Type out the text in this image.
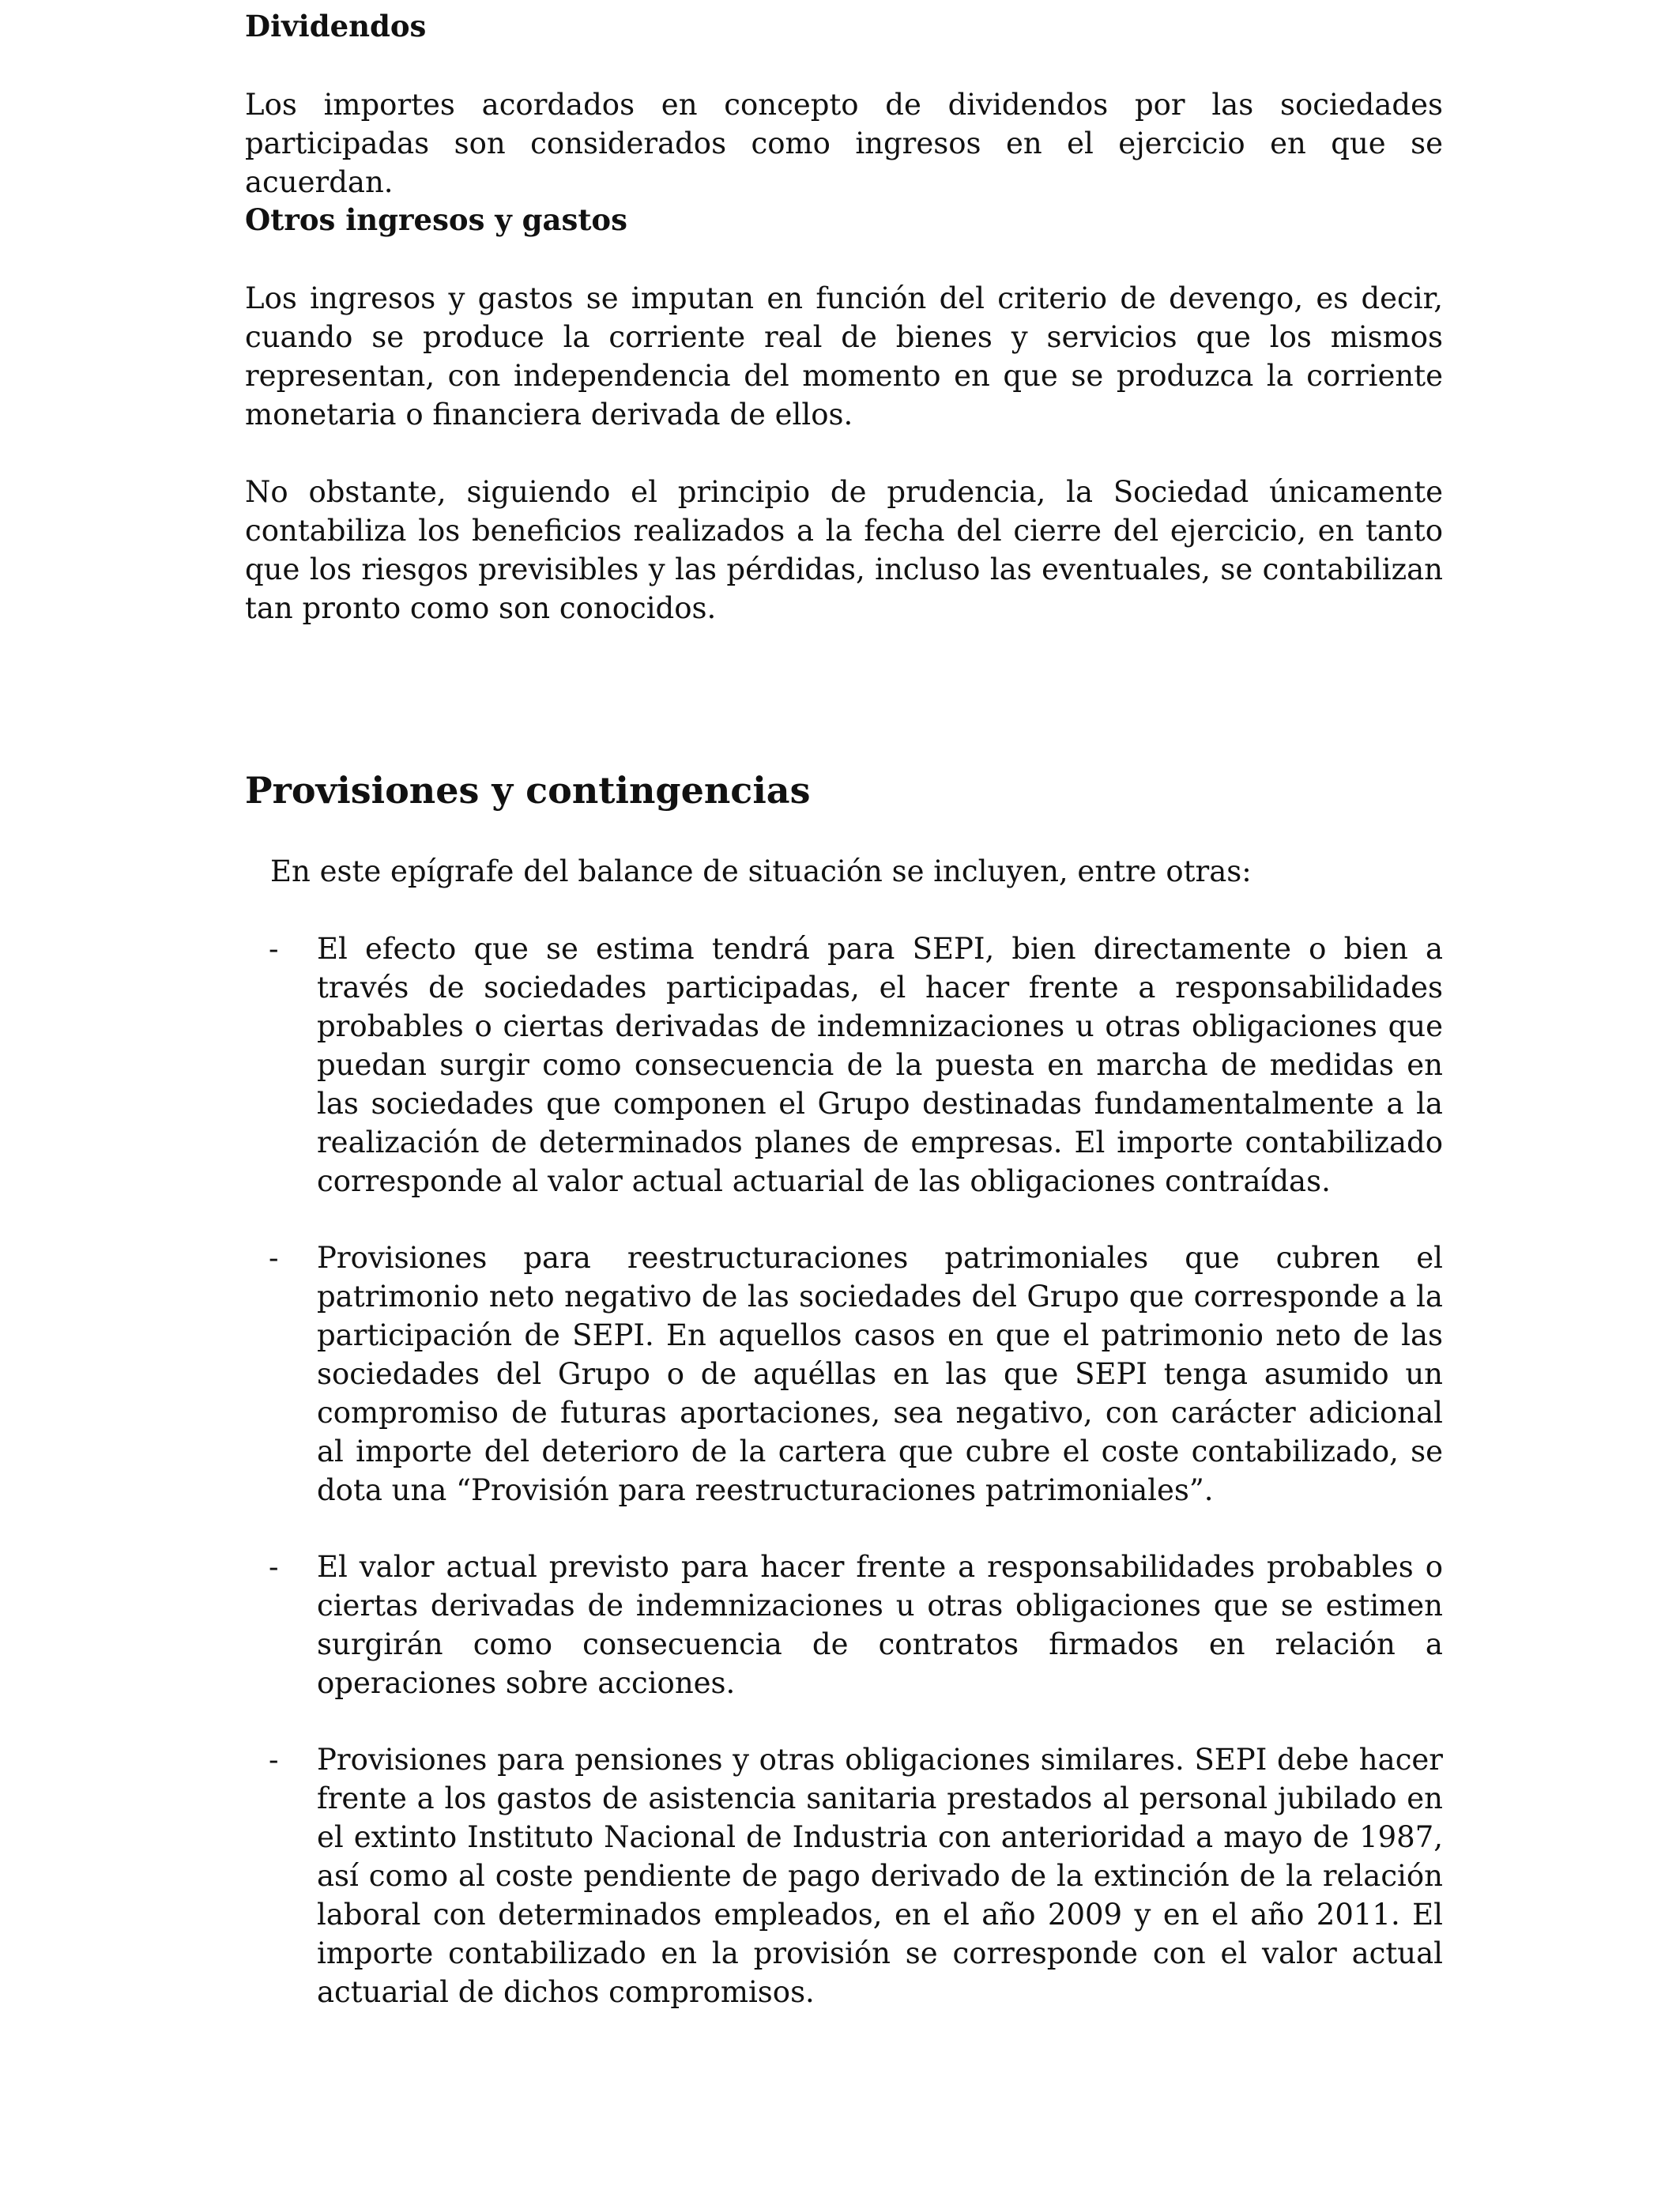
Dividendos
Los importes acordados en concepto de dividendos por las sociedades participadas son considerados como ingresos en el ejercicio en que se acuerdan.
Otros ingresos y gastos
Los ingresos y gastos se imputan en función del criterio de devengo, es decir, cuando se produce la corriente real de bienes y servicios que los mismos representan, con independencia del momento en que se produzca la corriente monetaria o financiera derivada de ellos.
No obstante, siguiendo el principio de prudencia, la Sociedad únicamente contabiliza los beneficios realizados a la fecha del cierre del ejercicio, en tanto que los riesgos previsibles y las pérdidas, incluso las eventuales, se contabilizan tan pronto como son conocidos.
Provisiones y contingencias
En este epígrafe del balance de situación se incluyen, entre otras:
- El efecto que se estima tendrá para SEPI, bien directamente o bien a través de sociedades participadas, el hacer frente a responsabilidades probables o ciertas derivadas de indemnizaciones u otras obligaciones que puedan surgir como consecuencia de la puesta en marcha de medidas en las sociedades que componen el Grupo destinadas fundamentalmente a la realización de determinados planes de empresas. El importe contabilizado corresponde al valor actual actuarial de las obligaciones contraídas.
- Provisiones para reestructuraciones patrimoniales que cubren el patrimonio neto negativo de las sociedades del Grupo que corresponde a la participación de SEPI. En aquellos casos en que el patrimonio neto de las sociedades del Grupo o de aquéllas en las que SEPI tenga asumido un compromiso de futuras aportaciones, sea negativo, con carácter adicional al importe del deterioro de la cartera que cubre el coste contabilizado, se dota una “Provisión para reestructuraciones patrimoniales”.
- El valor actual previsto para hacer frente a responsabilidades probables o ciertas derivadas de indemnizaciones u otras obligaciones que se estimen surgirán como consecuencia de contratos firmados en relación a operaciones sobre acciones.
- Provisiones para pensiones y otras obligaciones similares. SEPI debe hacer frente a los gastos de asistencia sanitaria prestados al personal jubilado en el extinto Instituto Nacional de Industria con anterioridad a mayo de 1987, así como al coste pendiente de pago derivado de la extinción de la relación laboral con determinados empleados, en el año 2009 y en el año 2011. El importe contabilizado en la provisión se corresponde con el valor actual actuarial de dichos compromisos.
